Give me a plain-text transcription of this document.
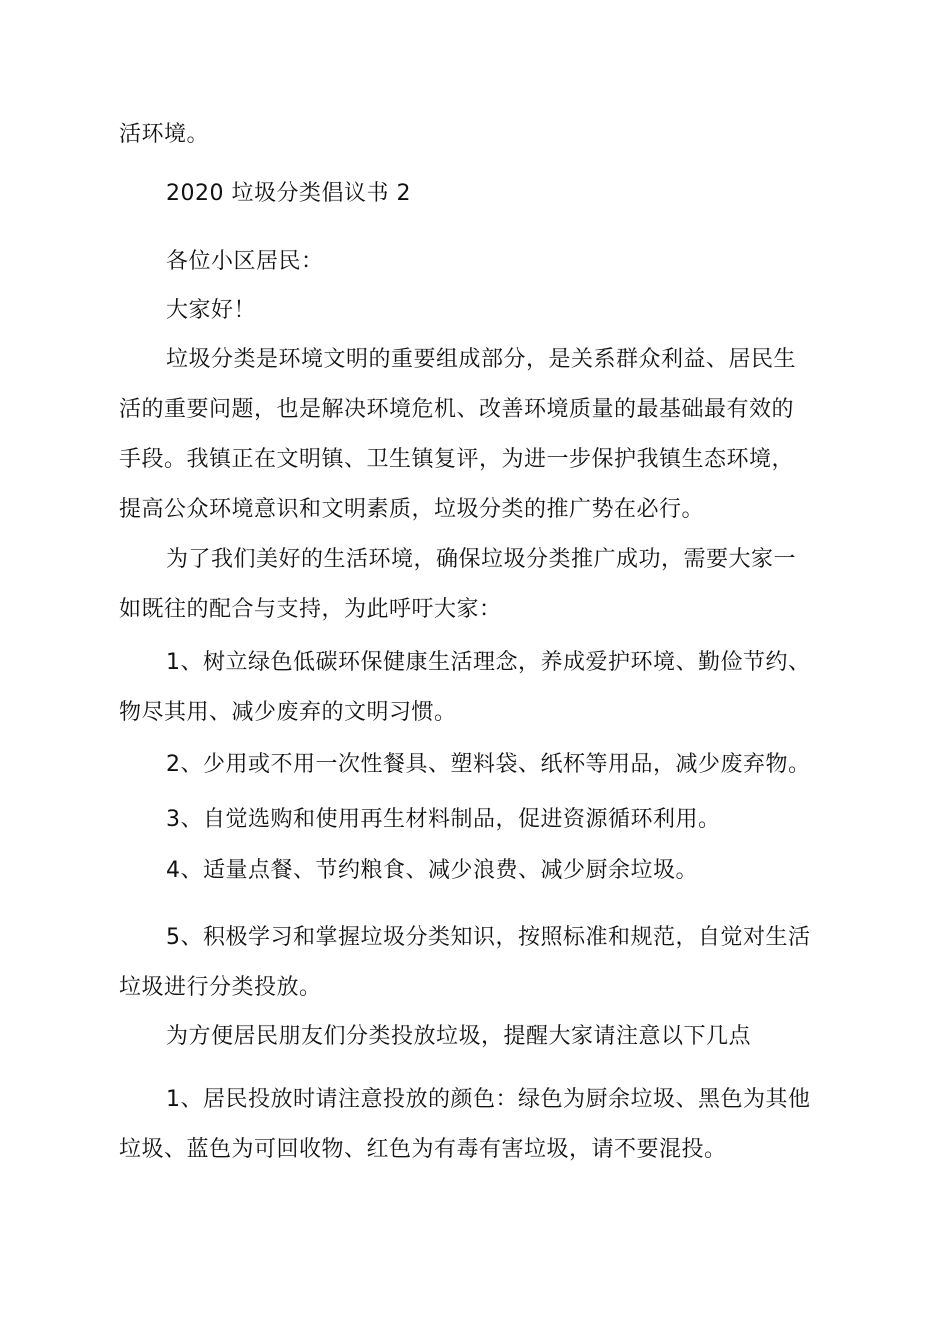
活环境。
2020 垃圾分类倡议书 2
各位小区居民：
大家好！
垃圾分类是环境文明的重要组成部分，是关系群众利益、居民生
活的重要问题，也是解决环境危机、改善环境质量的最基础最有效的
手段。我镇正在文明镇、卫生镇复评，为进一步保护我镇生态环境，
提高公众环境意识和文明素质，垃圾分类的推广势在必行。
为了我们美好的生活环境，确保垃圾分类推广成功，需要大家一
如既往的配合与支持，为此呼吁大家：
1、树立绿色低碳环保健康生活理念，养成爱护环境、勤俭节约、
物尽其用、减少废弃的文明习惯。
2、少用或不用一次性餐具、塑料袋、纸杯等用品，减少废弃物。
3、自觉选购和使用再生材料制品，促进资源循环利用。
4、适量点餐、节约粮食、减少浪费、减少厨余垃圾。
5、积极学习和掌握垃圾分类知识，按照标准和规范，自觉对生活
垃圾进行分类投放。
为方便居民朋友们分类投放垃圾，提醒大家请注意以下几点
1、居民投放时请注意投放的颜色：绿色为厨余垃圾、黑色为其他
垃圾、蓝色为可回收物、红色为有毒有害垃圾，请不要混投。
